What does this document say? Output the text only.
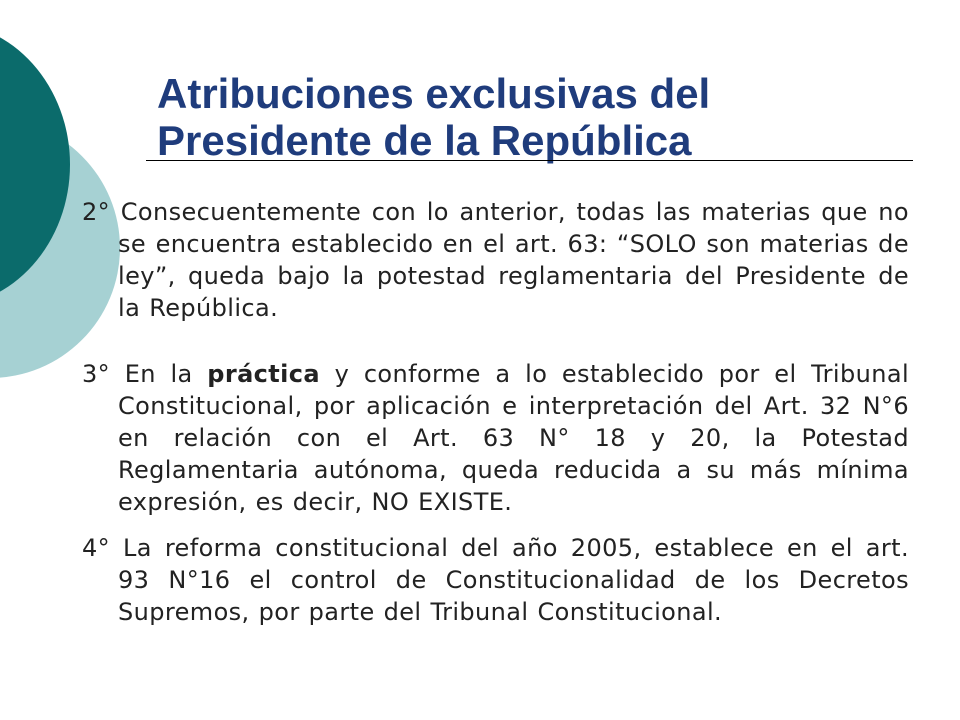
Atribuciones exclusivas del
Presidente de la República

2° Consecuentemente con lo anterior, todas las materias que no se encuentra establecido en el art. 63: “SOLO son materias de ley”, queda bajo la potestad reglamentaria del Presidente de la República.

3° En la práctica y conforme a lo establecido por el Tribunal Constitucional, por aplicación e interpretación del Art. 32 N°6 en relación con el Art. 63 N° 18 y 20, la Potestad Reglamentaria autónoma, queda reducida a su más mínima expresión, es decir, NO EXISTE.

4° La reforma constitucional del año 2005, establece en el art. 93 N°16 el control de Constitucionalidad de los Decretos Supremos, por parte del Tribunal Constitucional.
